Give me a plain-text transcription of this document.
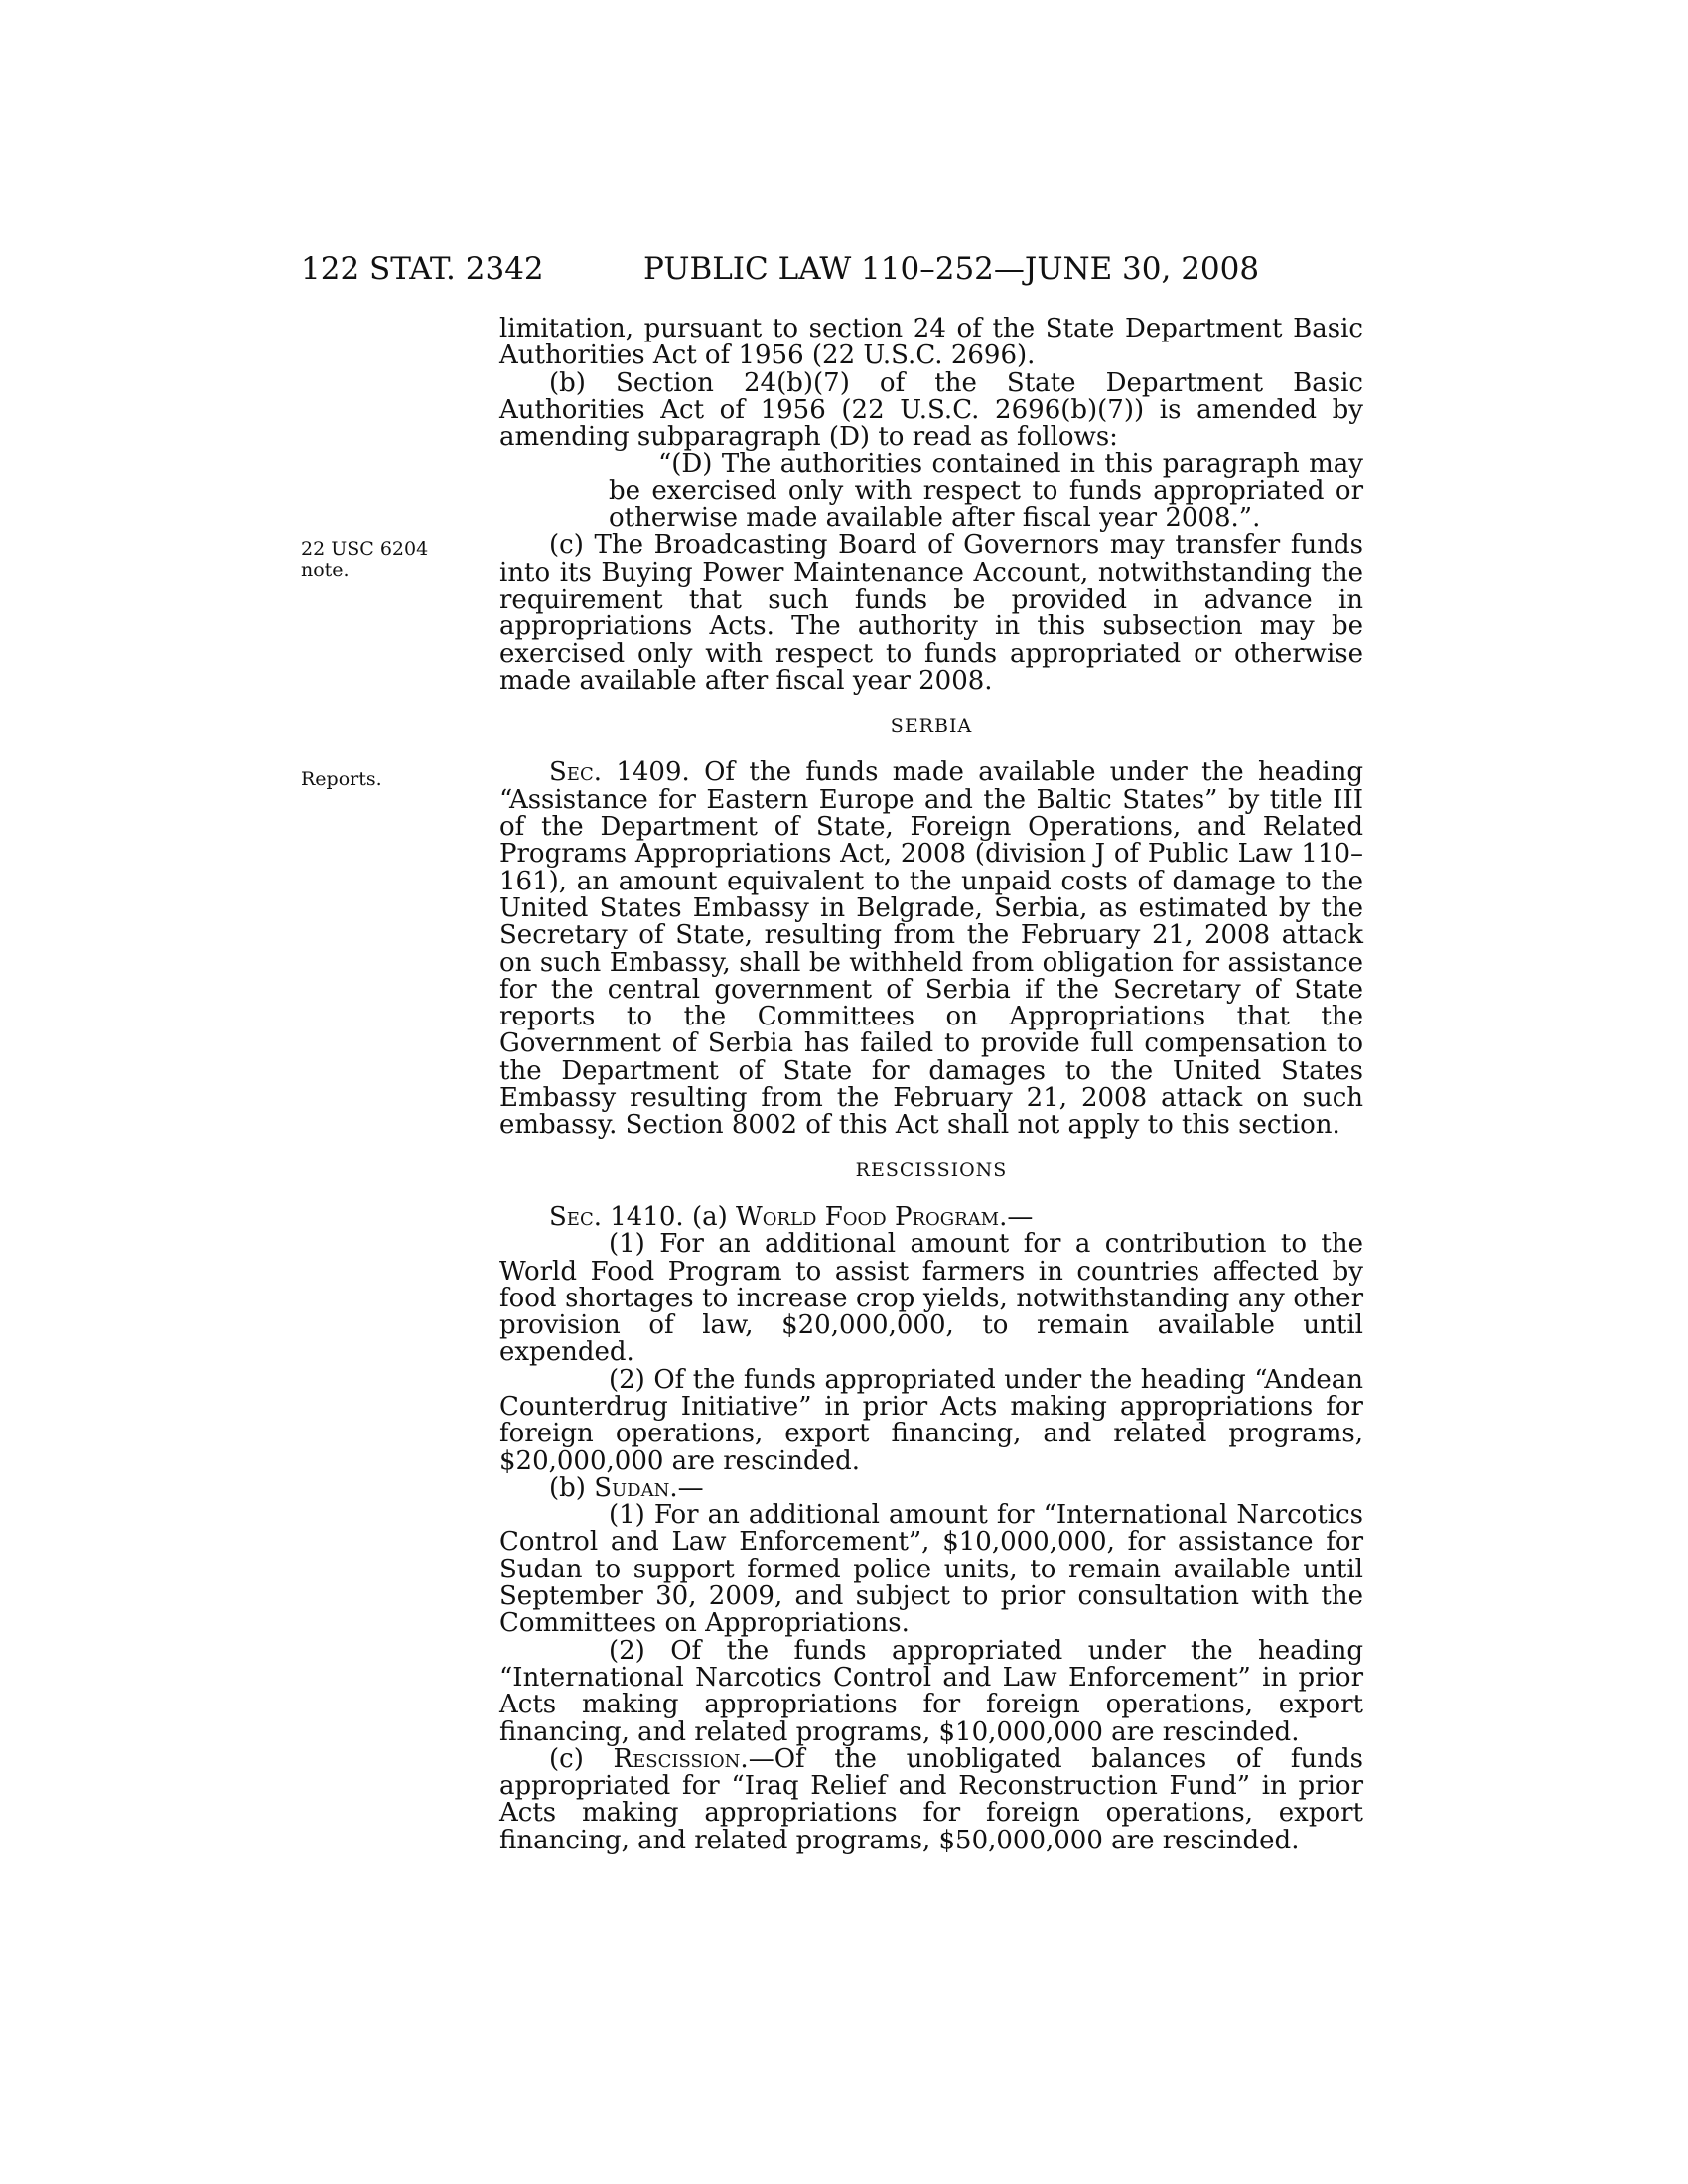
122 STAT. 2342	PUBLIC LAW 110–252—JUNE 30, 2008
22 USC 6204
note.
Reports.

limitation, pursuant to section 24 of the State Department Basic Authorities Act of 1956 (22 U.S.C. 2696).

(b) Section 24(b)(7) of the State Department Basic Authorities Act of 1956 (22 U.S.C. 2696(b)(7)) is amended by amending subparagraph (D) to read as follows:

“(D) The authorities contained in this paragraph may be exercised only with respect to funds appropriated or otherwise made available after fiscal year 2008.”.

(c) The Broadcasting Board of Governors may transfer funds into its Buying Power Maintenance Account, notwithstanding the requirement that such funds be provided in advance in appropriations Acts. The authority in this subsection may be exercised only with respect to funds appropriated or otherwise made available after fiscal year 2008.

SERBIA

Sec. 1409. Of the funds made available under the heading “Assistance for Eastern Europe and the Baltic States” by title III of the Department of State, Foreign Operations, and Related Programs Appropriations Act, 2008 (division J of Public Law 110–161), an amount equivalent to the unpaid costs of damage to the United States Embassy in Belgrade, Serbia, as estimated by the Secretary of State, resulting from the February 21, 2008 attack on such Embassy, shall be withheld from obligation for assistance for the central government of Serbia if the Secretary of State reports to the Committees on Appropriations that the Government of Serbia has failed to provide full compensation to the Department of State for damages to the United States Embassy resulting from the February 21, 2008 attack on such embassy. Section 8002 of this Act shall not apply to this section.

RESCISSIONS

Sec. 1410. (a) World Food Program.—

(1) For an additional amount for a contribution to the World Food Program to assist farmers in countries affected by food shortages to increase crop yields, notwithstanding any other provision of law, $20,000,000, to remain available until expended.

(2) Of the funds appropriated under the heading “Andean Counterdrug Initiative” in prior Acts making appropriations for foreign operations, export financing, and related programs, $20,000,000 are rescinded.

(b) Sudan.—

(1) For an additional amount for “International Narcotics Control and Law Enforcement”, $10,000,000, for assistance for Sudan to support formed police units, to remain available until September 30, 2009, and subject to prior consultation with the Committees on Appropriations.

(2) Of the funds appropriated under the heading “International Narcotics Control and Law Enforcement” in prior Acts making appropriations for foreign operations, export financing, and related programs, $10,000,000 are rescinded.

(c) Rescission.—Of the unobligated balances of funds appropriated for “Iraq Relief and Reconstruction Fund” in prior Acts making appropriations for foreign operations, export financing, and related programs, $50,000,000 are rescinded.
